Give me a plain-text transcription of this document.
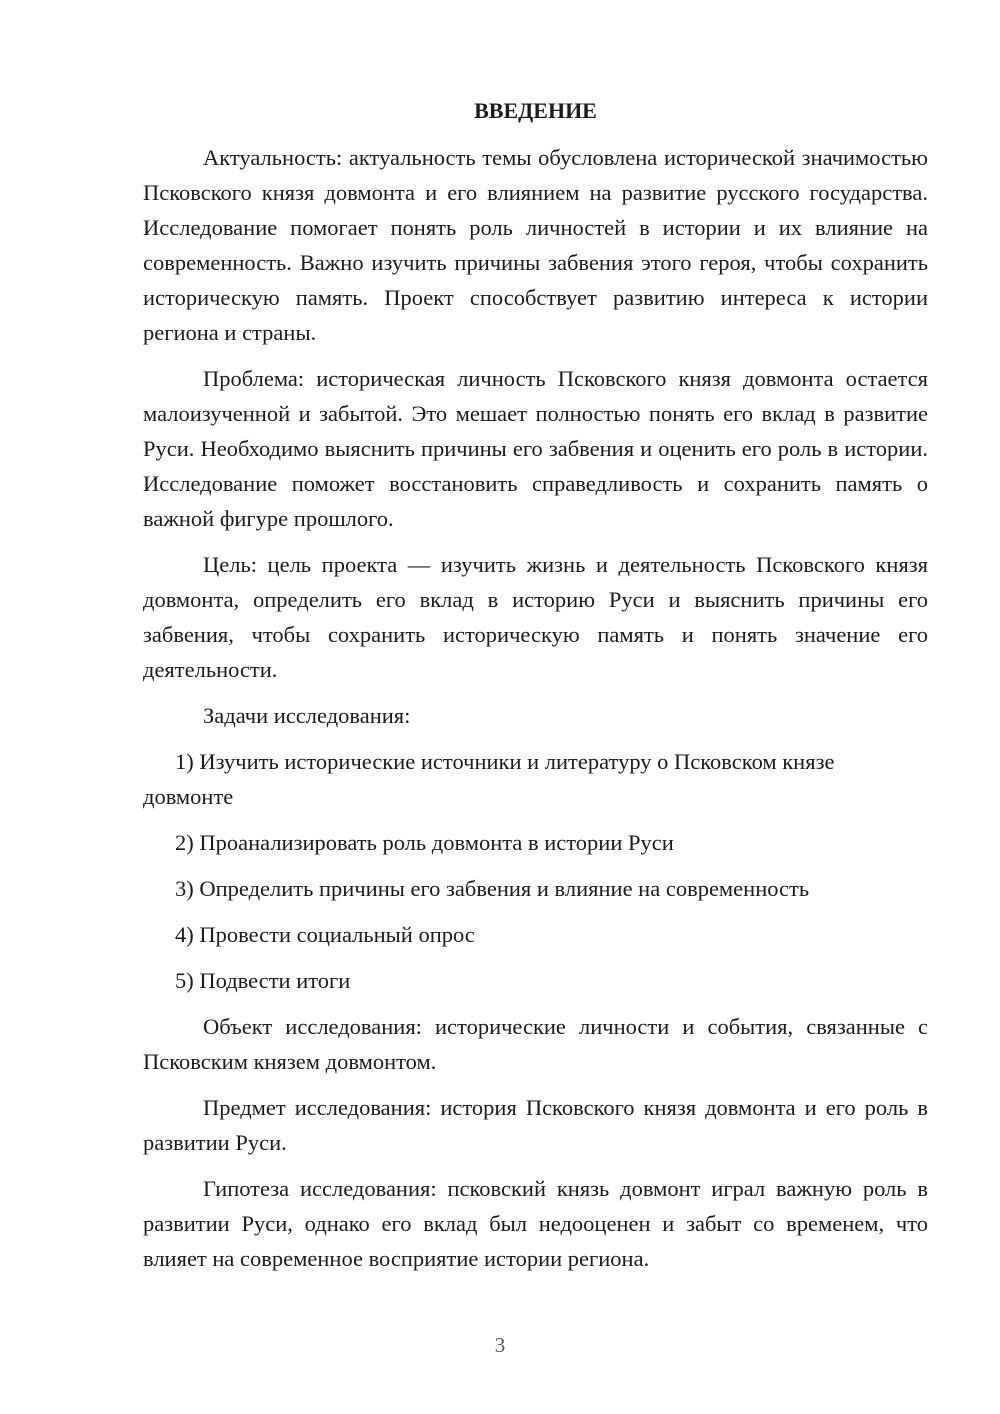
ВВЕДЕНИЕ

Актуальность: актуальность темы обусловлена исторической значимостью Псковского князя довмонта и его влиянием на развитие русского государства. Исследование помогает понять роль личностей в истории и их влияние на современность. Важно изучить причины забвения этого героя, чтобы сохранить историческую память. Проект способствует развитию интереса к истории региона и страны.

Проблема: историческая личность Псковского князя довмонта остается малоизученной и забытой. Это мешает полностью понять его вклад в развитие Руси. Необходимо выяснить причины его забвения и оценить его роль в истории. Исследование поможет восстановить справедливость и сохранить память о важной фигуре прошлого.

Цель: цель проекта — изучить жизнь и деятельность Псковского князя довмонта, определить его вклад в историю Руси и выяснить причины его забвения, чтобы сохранить историческую память и понять значение его деятельности.

Задачи исследования:

1) Изучить исторические источники и литературу о Псковском князе довмонте
2) Проанализировать роль довмонта в истории Руси
3) Определить причины его забвения и влияние на современность
4) Провести социальный опрос
5) Подвести итоги

Объект исследования: исторические личности и события, связанные с Псковским князем довмонтом.

Предмет исследования: история Псковского князя довмонта и его роль в развитии Руси.

Гипотеза исследования: псковский князь довмонт играл важную роль в развитии Руси, однако его вклад был недооценен и забыт со временем, что влияет на современное восприятие истории региона.

3
